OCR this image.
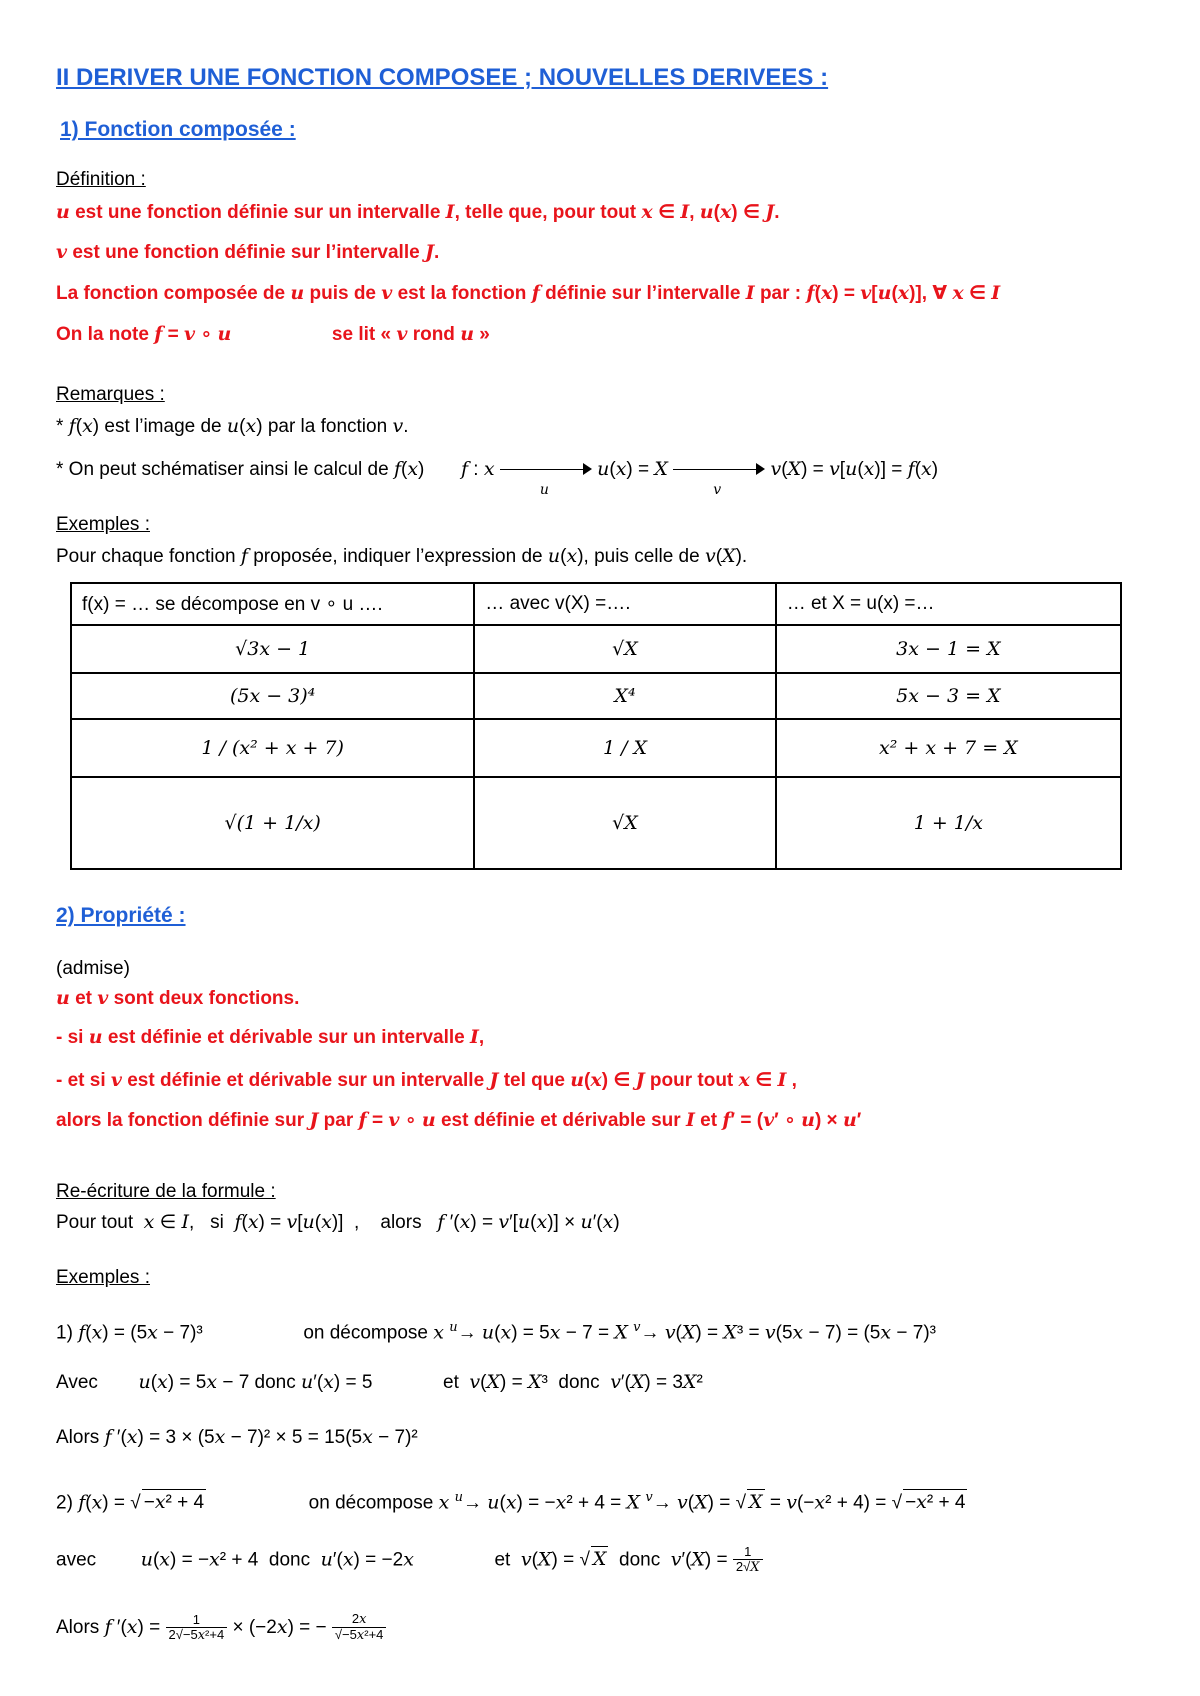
II DERIVER UNE FONCTION COMPOSEE ; NOUVELLES DERIVEES :
1) Fonction composée :
Définition :
u est une fonction définie sur un intervalle I, telle que, pour tout x ∈ I, u(x) ∈ J.
v est une fonction définie sur l’intervalle J.
La fonction composée de u puis de v est la fonction f définie sur l’intervalle I par : f(x) = v[u(x)], ∀ x ∈ I
On la note f = v ∘ u	se lit « v rond u »
Remarques :
* f(x) est l’image de u(x) par la fonction v.
* On peut schématiser ainsi le calcul de f(x)  f : x
u
u(x) = X
v
v(X) = v[u(x)] = f(x)
Exemples :
Pour chaque fonction f proposée, indiquer l’expression de u(x), puis celle de v(X).
f(x) = … se décompose en v ∘ u ….	… avec v(X) =….	… et X = u(x) =…
√3x − 1	√X	3x − 1 = X
(5x − 3)⁴	X⁴	5x − 3 = X
1 / (x² + x + 7)	1 / X	x² + x + 7 = X
√(1 + 1/x)	√X	1 + 1/x
2) Propriété :
(admise)
u et v sont deux fonctions.
- si u est définie et dérivable sur un intervalle I,
- et si v est définie et dérivable sur un intervalle J tel que u(x) ∈ J pour tout x ∈ I ,
alors la fonction définie sur J par f = v ∘ u est définie et dérivable sur I et f′ = (v′ ∘ u) × u′
Re-écriture de la formule :
Pour tout x ∈ I,   si f(x) = v[u(x)]  ,    alors f ′(x) = v′[u(x)] × u′(x)
Exemples :
1) f(x) = (5x − 7)³	on décompose x $^u$→ u(x) = 5x − 7 = X $^v$→ v(X) = X³ = v(5x − 7) = (5x − 7)³
Avec u(x) = 5x − 7 donc u′(x) = 5	et v(X) = X³  donc v′(X) = 3X²
Alors f ′(x) = 3 × (5x − 7)² × 5 = 15(5x − 7)²
2) f(x) = √ −x² + 4	on décompose x $^u$→ u(x) = −x² + 4 = X $^v$→ v(X) = √ X = v(−x² + 4) = √ −x² + 4
avec u(x) = −x² + 4  donc u′(x) = −2x	et v(X) = √ X donc $v'(X) = \frac{1}{2√X}$
Alors f $'(x) = \frac{1}{\text{2√−5x²+4}} \times (-2x)$ = − $\frac{2x}{\text{√−5x²+4}}$
